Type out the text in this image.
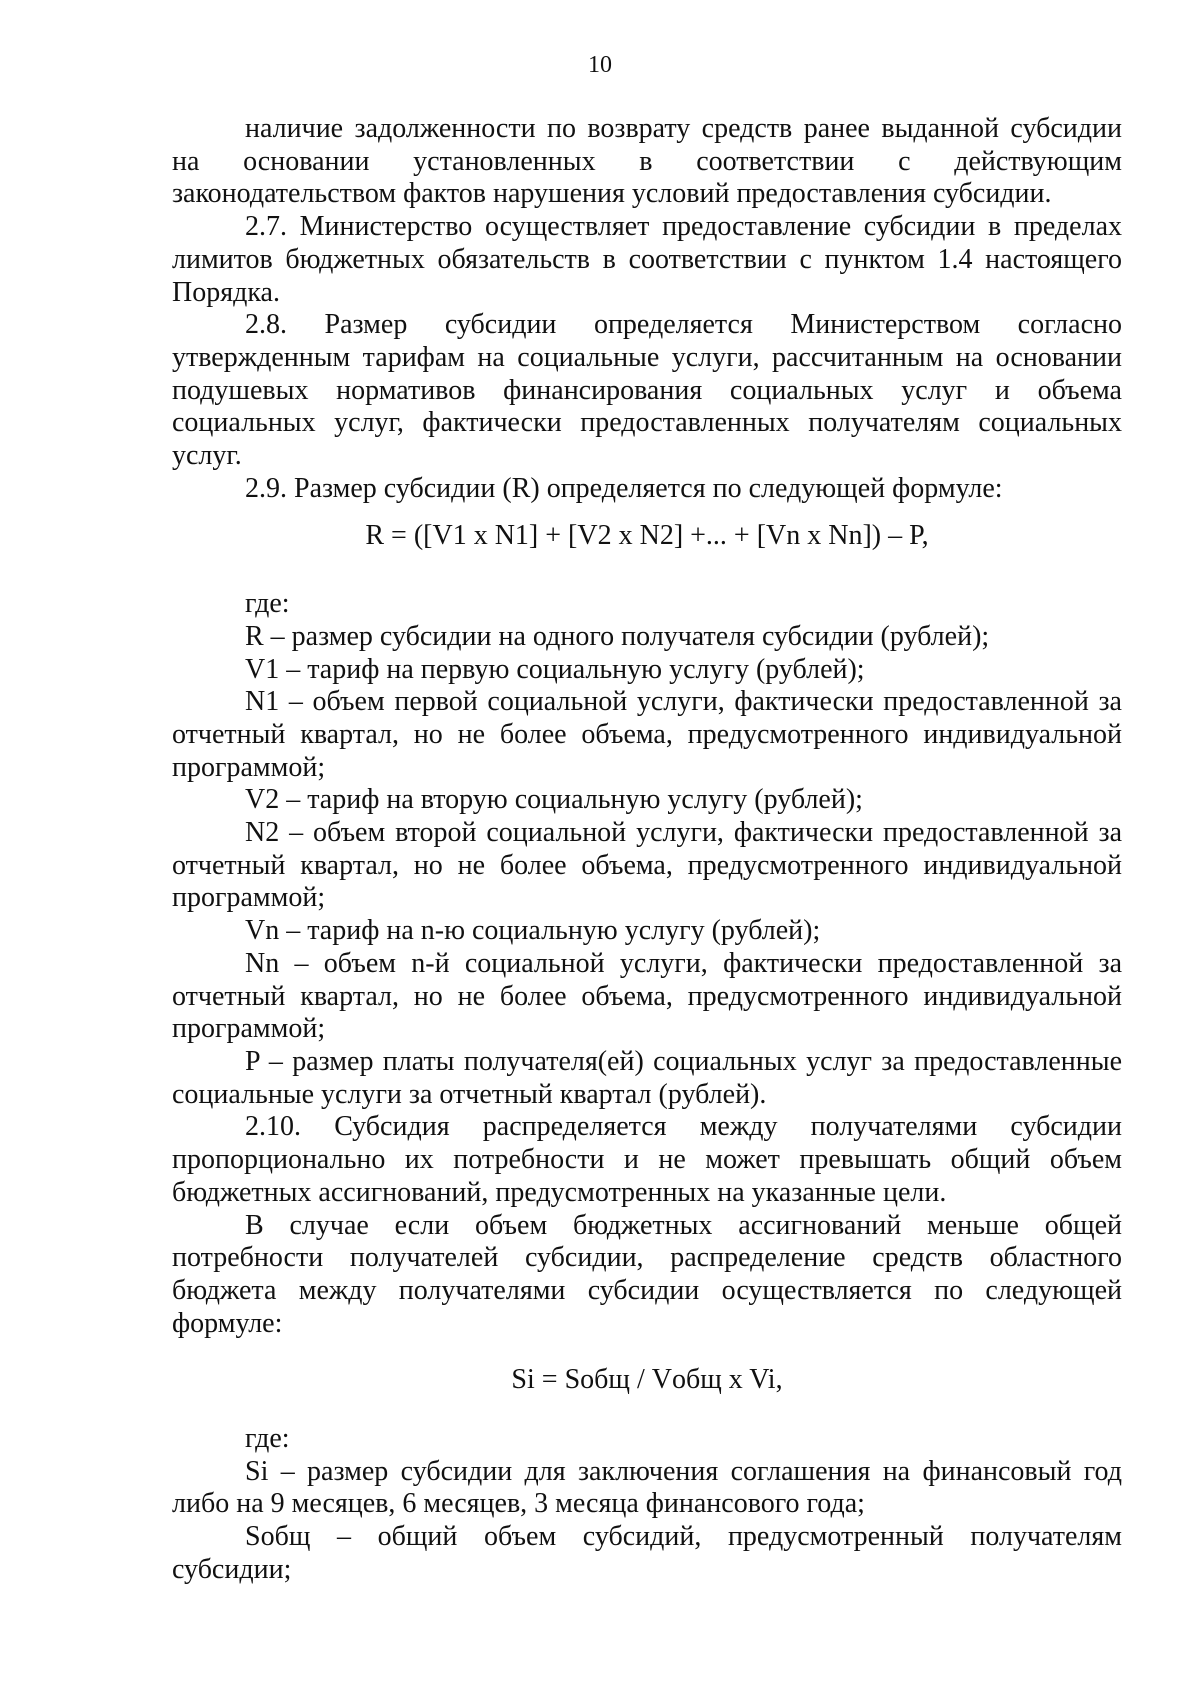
10

наличие задолженности по возврату средств ранее выданной субсидии на основании установленных в соответствии с действующим законодательством фактов нарушения условий предоставления субсидии.

2.7. Министерство осуществляет предоставление субсидии в пределах лимитов бюджетных обязательств в соответствии с пунктом 1.4 настоящего Порядка.

2.8. Размер субсидии определяется Министерством согласно утвержденным тарифам на социальные услуги, рассчитанным на основании подушевых нормативов финансирования социальных услуг и объема социальных услуг, фактически предоставленных получателям социальных услуг.

2.9. Размер субсидии (R) определяется по следующей формуле:

R = ([V1 x N1] + [V2 x N2] +... + [Vn x Nn]) – P,

где:

R – размер субсидии на одного получателя субсидии (рублей);

V1 – тариф на первую социальную услугу (рублей);

N1 – объем первой социальной услуги, фактически предоставленной за отчетный квартал, но не более объема, предусмотренного индивидуальной программой;

V2 – тариф на вторую социальную услугу (рублей);

N2 – объем второй социальной услуги, фактически предоставленной за отчетный квартал, но не более объема, предусмотренного индивидуальной программой;

Vn – тариф на n-ю социальную услугу (рублей);

Nn – объем n-й социальной услуги, фактически предоставленной за отчетный квартал, но не более объема, предусмотренного индивидуальной программой;

P – размер платы получателя(ей) социальных услуг за предоставленные социальные услуги за отчетный квартал (рублей).

2.10. Субсидия распределяется между получателями субсидии пропорционально их потребности и не может превышать общий объем бюджетных ассигнований, предусмотренных на указанные цели.

В случае если объем бюджетных ассигнований меньше общей потребности получателей субсидии, распределение средств областного бюджета между получателями субсидии осуществляется по следующей формуле:

Si = Sобщ / Vобщ x Vi,

где:

Si – размер субсидии для заключения соглашения на финансовый год либо на 9 месяцев, 6 месяцев, 3 месяца финансового года;

Sобщ – общий объем субсидий, предусмотренный получателям субсидии;
